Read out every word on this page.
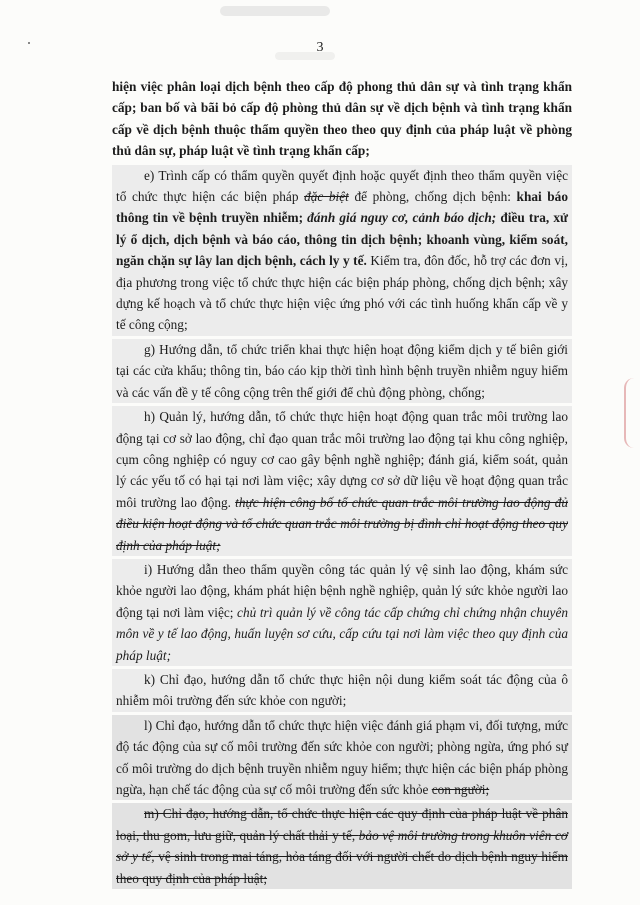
3

hiện việc phân loại dịch bệnh theo cấp độ phong thủ dân sự và tình trạng khẩn cấp; ban bố và bãi bỏ cấp độ phòng thủ dân sự về dịch bệnh và tình trạng khẩn cấp về dịch bệnh thuộc thẩm quyền theo theo quy định của pháp luật về phòng thủ dân sự, pháp luật về tình trạng khẩn cấp;

e) Trình cấp có thẩm quyền quyết định hoặc quyết định theo thẩm quyền việc tổ chức thực hiện các biện pháp đặc biệt để phòng, chống dịch bệnh: khai báo thông tin về bệnh truyền nhiễm; đánh giá nguy cơ, cảnh báo dịch; điều tra, xử lý ổ dịch, dịch bệnh và báo cáo, thông tin dịch bệnh; khoanh vùng, kiểm soát, ngăn chặn sự lây lan dịch bệnh, cách ly y tế. Kiểm tra, đôn đốc, hỗ trợ các đơn vị, địa phương trong việc tổ chức thực hiện các biện pháp phòng, chống dịch bệnh; xây dựng kế hoạch và tổ chức thực hiện việc ứng phó với các tình huống khẩn cấp về y tế công cộng;

g) Hướng dẫn, tổ chức triển khai thực hiện hoạt động kiểm dịch y tế biên giới tại các cửa khẩu; thông tin, báo cáo kịp thời tình hình bệnh truyền nhiễm nguy hiểm và các vấn đề y tế công cộng trên thế giới để chủ động phòng, chống;

h) Quản lý, hướng dẫn, tổ chức thực hiện hoạt động quan trắc môi trường lao động tại cơ sở lao động, chỉ đạo quan trắc môi trường lao động tại khu công nghiệp, cụm công nghiệp có nguy cơ cao gây bệnh nghề nghiệp; đánh giá, kiểm soát, quản lý các yếu tố có hại tại nơi làm việc; xây dựng cơ sở dữ liệu về hoạt động quan trắc môi trường lao động. thực hiện công bố tổ chức quan trắc môi trường lao động đủ điều kiện hoạt động và tổ chức quan trắc môi trường bị đình chỉ hoạt động theo quy định của pháp luật;

i) Hướng dẫn theo thẩm quyền công tác quản lý vệ sinh lao động, khám sức khỏe người lao động, khám phát hiện bệnh nghề nghiệp, quản lý sức khỏe người lao động tại nơi làm việc; chủ trì quản lý về công tác cấp chứng chỉ chứng nhận chuyên môn về y tế lao động, huấn luyện sơ cứu, cấp cứu tại nơi làm việc theo quy định của pháp luật;

k) Chỉ đạo, hướng dẫn tổ chức thực hiện nội dung kiểm soát tác động của ô nhiễm môi trường đến sức khỏe con người;

l) Chỉ đạo, hướng dẫn tổ chức thực hiện việc đánh giá phạm vi, đối tượng, mức độ tác động của sự cố môi trường đến sức khỏe con người; phòng ngừa, ứng phó sự cố môi trường do dịch bệnh truyền nhiễm nguy hiểm; thực hiện các biện pháp phòng ngừa, hạn chế tác động của sự cố môi trường đến sức khỏe con người;

m) Chỉ đạo, hướng dẫn, tổ chức thực hiện các quy định của pháp luật về phân loại, thu gom, lưu giữ, quản lý chất thải y tế, bảo vệ môi trường trong khuôn viên cơ sở y tế, vệ sinh trong mai táng, hỏa táng đối với người chết do dịch bệnh nguy hiểm theo quy định của pháp luật;
